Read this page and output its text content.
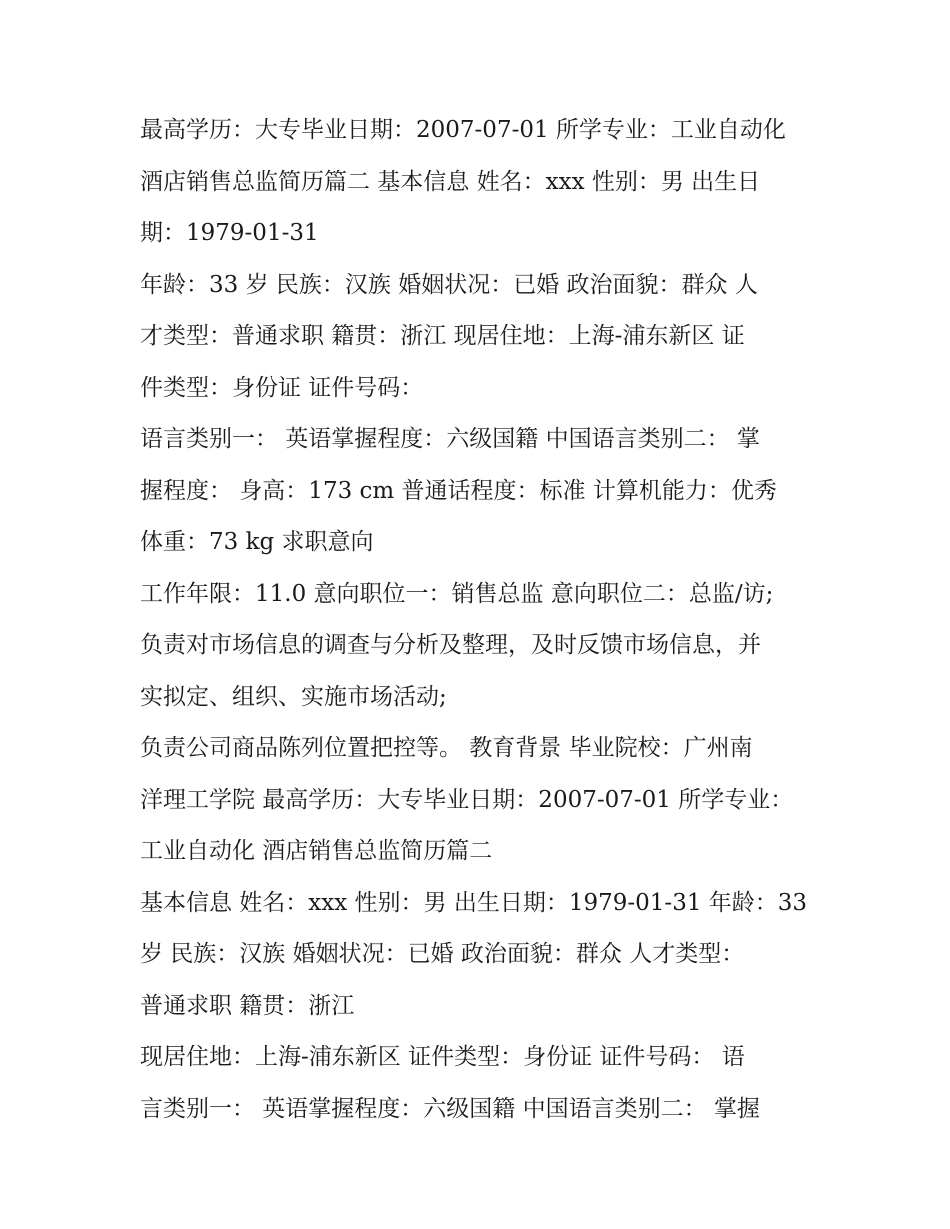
最高学历：大专毕业日期：2007-07-01 所学专业：工业自动化

酒店销售总监简历篇二 基本信息 姓名：xxx 性别：男 出生日
期：1979-01-31

年龄：33 岁 民族：汉族 婚姻状况：已婚 政治面貌：群众 人
才类型：普通求职 籍贯：浙江 现居住地：上海-浦东新区 证
件类型：身份证 证件号码：

语言类别一： 英语掌握程度：六级国籍 中国语言类别二： 掌
握程度： 身高：173 cm 普通话程度：标准 计算机能力：优秀
体重：73 kg 求职意向

工作年限：11.0 意向职位一：销售总监 意向职位二：总监/访;
负责对市场信息的调查与分析及整理，及时反馈市场信息，并
实拟定、组织、实施市场活动;

负责公司商品陈列位置把控等。 教育背景 毕业院校：广州南
洋理工学院 最高学历：大专毕业日期：2007-07-01 所学专业：
工业自动化 酒店销售总监简历篇二

基本信息 姓名：xxx 性别：男 出生日期：1979-01-31 年龄：33
岁 民族：汉族 婚姻状况：已婚 政治面貌：群众 人才类型：
普通求职 籍贯：浙江

现居住地：上海-浦东新区 证件类型：身份证 证件号码： 语
言类别一： 英语掌握程度：六级国籍 中国语言类别二： 掌握
